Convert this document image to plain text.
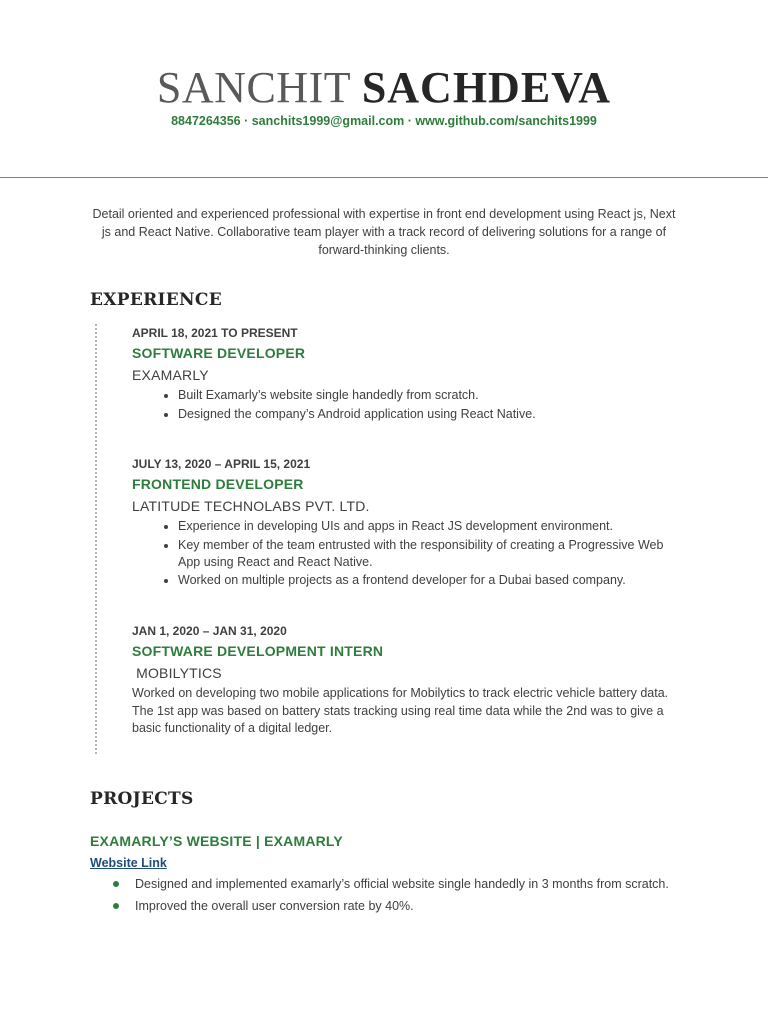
SANCHIT SACHDEVA
8847264356 · sanchits1999@gmail.com · www.github.com/sanchits1999
Detail oriented and experienced professional with expertise in front end development using React js, Next js and React Native. Collaborative team player with a track record of delivering solutions for a range of forward-thinking clients.
EXPERIENCE
APRIL 18, 2021 TO PRESENT
SOFTWARE DEVELOPER
EXAMARLY
• Built Examarly’s website single handedly from scratch.
• Designed the company’s Android application using React Native.
JULY 13, 2020 – APRIL 15, 2021
FRONTEND DEVELOPER
LATITUDE TECHNOLABS PVT. LTD.
• Experience in developing UIs and apps in React JS development environment.
• Key member of the team entrusted with the responsibility of creating a Progressive Web App using React and React Native.
• Worked on multiple projects as a frontend developer for a Dubai based company.
JAN 1, 2020 – JAN 31, 2020
SOFTWARE DEVELOPMENT INTERN
MOBILYTICS
Worked on developing two mobile applications for Mobilytics to track electric vehicle battery data. The 1st app was based on battery stats tracking using real time data while the 2nd was to give a basic functionality of a digital ledger.
PROJECTS
EXAMARLY’S WEBSITE | EXAMARLY
Website Link
Designed and implemented examarly’s official website single handedly in 3 months from scratch.
Improved the overall user conversion rate by 40%.
